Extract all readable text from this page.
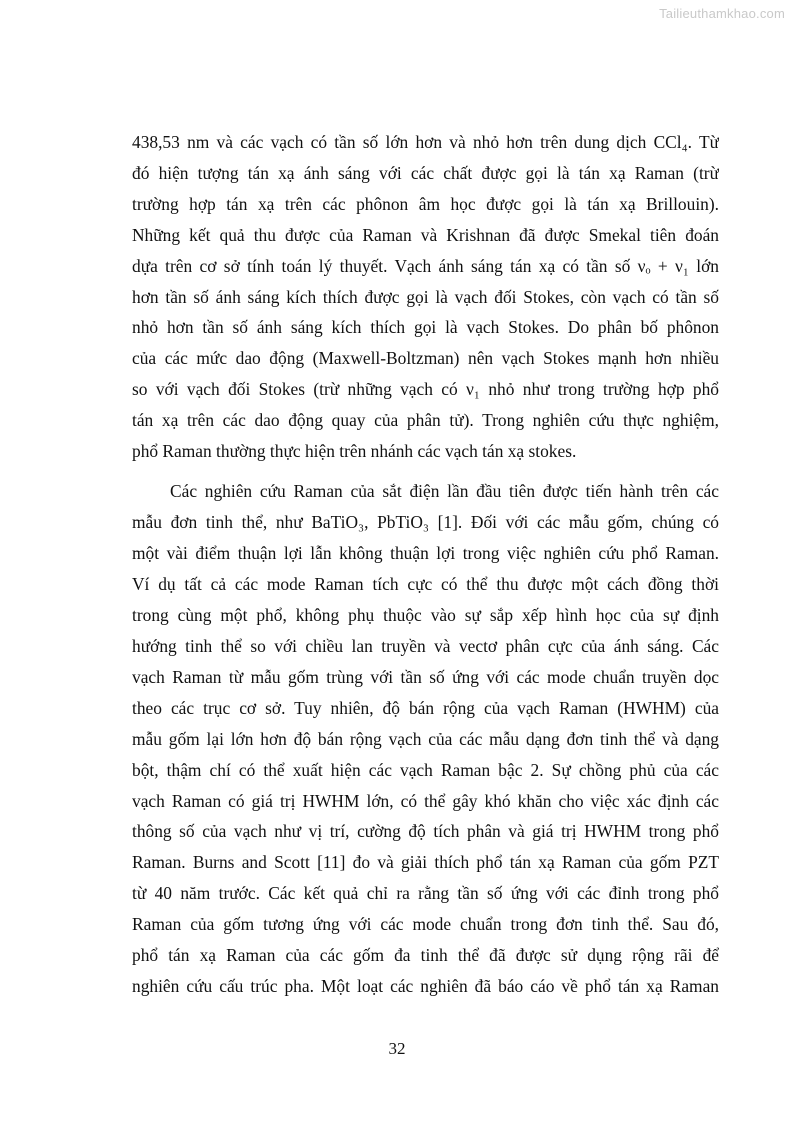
Tailieuthamkhao.com

438,53 nm và các vạch có tần số lớn hơn và nhỏ hơn trên dung dịch CCl₄. Từ
đó hiện tượng tán xạ ánh sáng với các chất được gọi là tán xạ Raman (trừ
trường hợp tán xạ trên các phônon âm học được gọi là tán xạ Brillouin).
Những kết quả thu được của Raman và Krishnan đã được Smekal tiên đoán
dựa trên cơ sở tính toán lý thuyết. Vạch ánh sáng tán xạ có tần số νₒ + ν₁ lớn
hơn tần số ánh sáng kích thích được gọi là vạch đối Stokes, còn vạch có tần số
nhỏ hơn tần số ánh sáng kích thích gọi là vạch Stokes. Do phân bố phônon
của các mức dao động (Maxwell-Boltzman) nên vạch Stokes mạnh hơn nhiều
so với vạch đối Stokes (trừ những vạch có ν₁ nhỏ như trong trường hợp phổ
tán xạ trên các dao động quay của phân tử). Trong nghiên cứu thực nghiệm,
phổ Raman thường thực hiện trên nhánh các vạch tán xạ stokes.

Các nghiên cứu Raman của sắt điện lần đầu tiên được tiến hành trên các
mẫu đơn tinh thể, như BaTiO₃, PbTiO₃ [1]. Đối với các mẫu gốm, chúng có
một vài điểm thuận lợi lẫn không thuận lợi trong việc nghiên cứu phổ Raman.
Ví dụ tất cả các mode Raman tích cực có thể thu được một cách đồng thời
trong cùng một phổ, không phụ thuộc vào sự sắp xếp hình học của sự định
hướng tinh thể so với chiều lan truyền và vectơ phân cực của ánh sáng. Các
vạch Raman từ mẫu gốm trùng với tần số ứng với các mode chuẩn truyền dọc
theo các trục cơ sở. Tuy nhiên, độ bán rộng của vạch Raman (HWHM) của
mẫu gốm lại lớn hơn độ bán rộng vạch của các mẫu dạng đơn tinh thể và dạng
bột, thậm chí có thể xuất hiện các vạch Raman bậc 2. Sự chồng phủ của các
vạch Raman có giá trị HWHM lớn, có thể gây khó khăn cho việc xác định các
thông số của vạch như vị trí, cường độ tích phân và giá trị HWHM trong phổ
Raman. Burns and Scott [11] đo và giải thích phổ tán xạ Raman của gốm PZT
từ 40 năm trước. Các kết quả chỉ ra rằng tần số ứng với các đỉnh trong phổ
Raman của gốm tương ứng với các mode chuẩn trong đơn tinh thể. Sau đó,
phổ tán xạ Raman của các gốm đa tinh thể đã được sử dụng rộng rãi để
nghiên cứu cấu trúc pha. Một loạt các nghiên đã báo cáo về phổ tán xạ Raman

32
